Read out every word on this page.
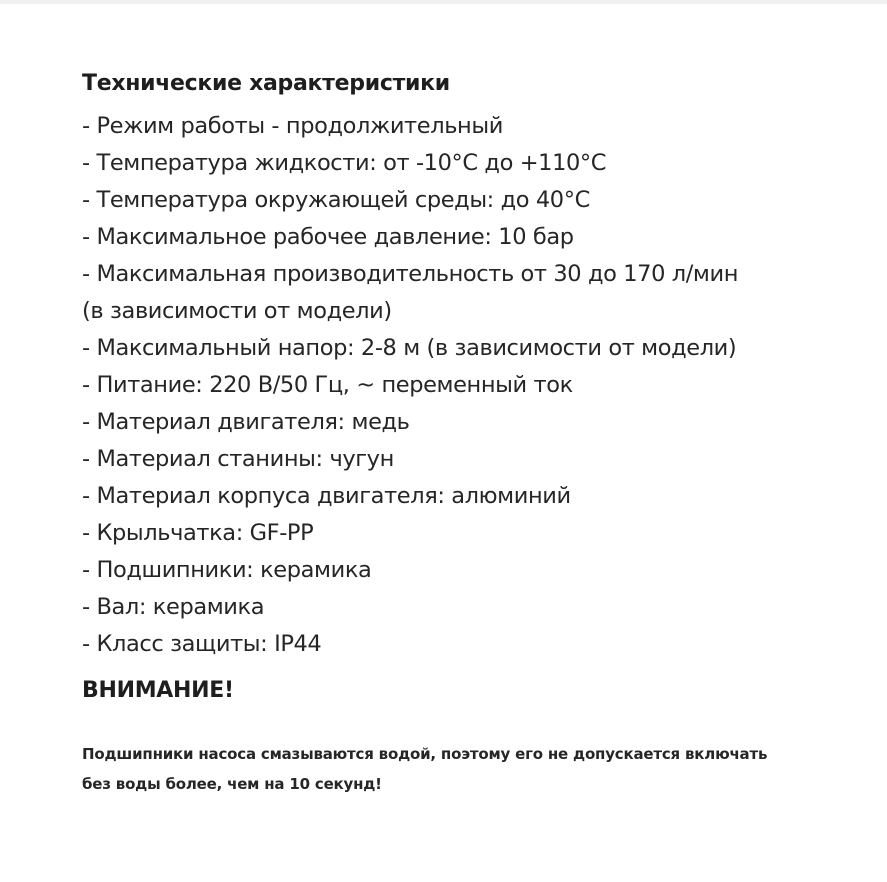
Технические характеристики
- Режим работы - продолжительный
- Температура жидкости: от -10°C до +110°C
- Температура окружающей среды: до 40°C
- Максимальное рабочее давление: 10 бар
- Максимальная производительность от 30 до 170 л/мин
(в зависимости от модели)
- Максимальный напор: 2-8 м (в зависимости от модели)
- Питание: 220 В/50 Гц, ~ переменный ток
- Материал двигателя: медь
- Материал станины: чугун
- Материал корпуса двигателя: алюминий
- Крыльчатка: GF-PP
- Подшипники: керамика
- Вал: керамика
- Класс защиты: IP44
ВНИМАНИЕ!
Подшипники насоса смазываются водой, поэтому его не допускается включать без воды более, чем на 10 секунд!
